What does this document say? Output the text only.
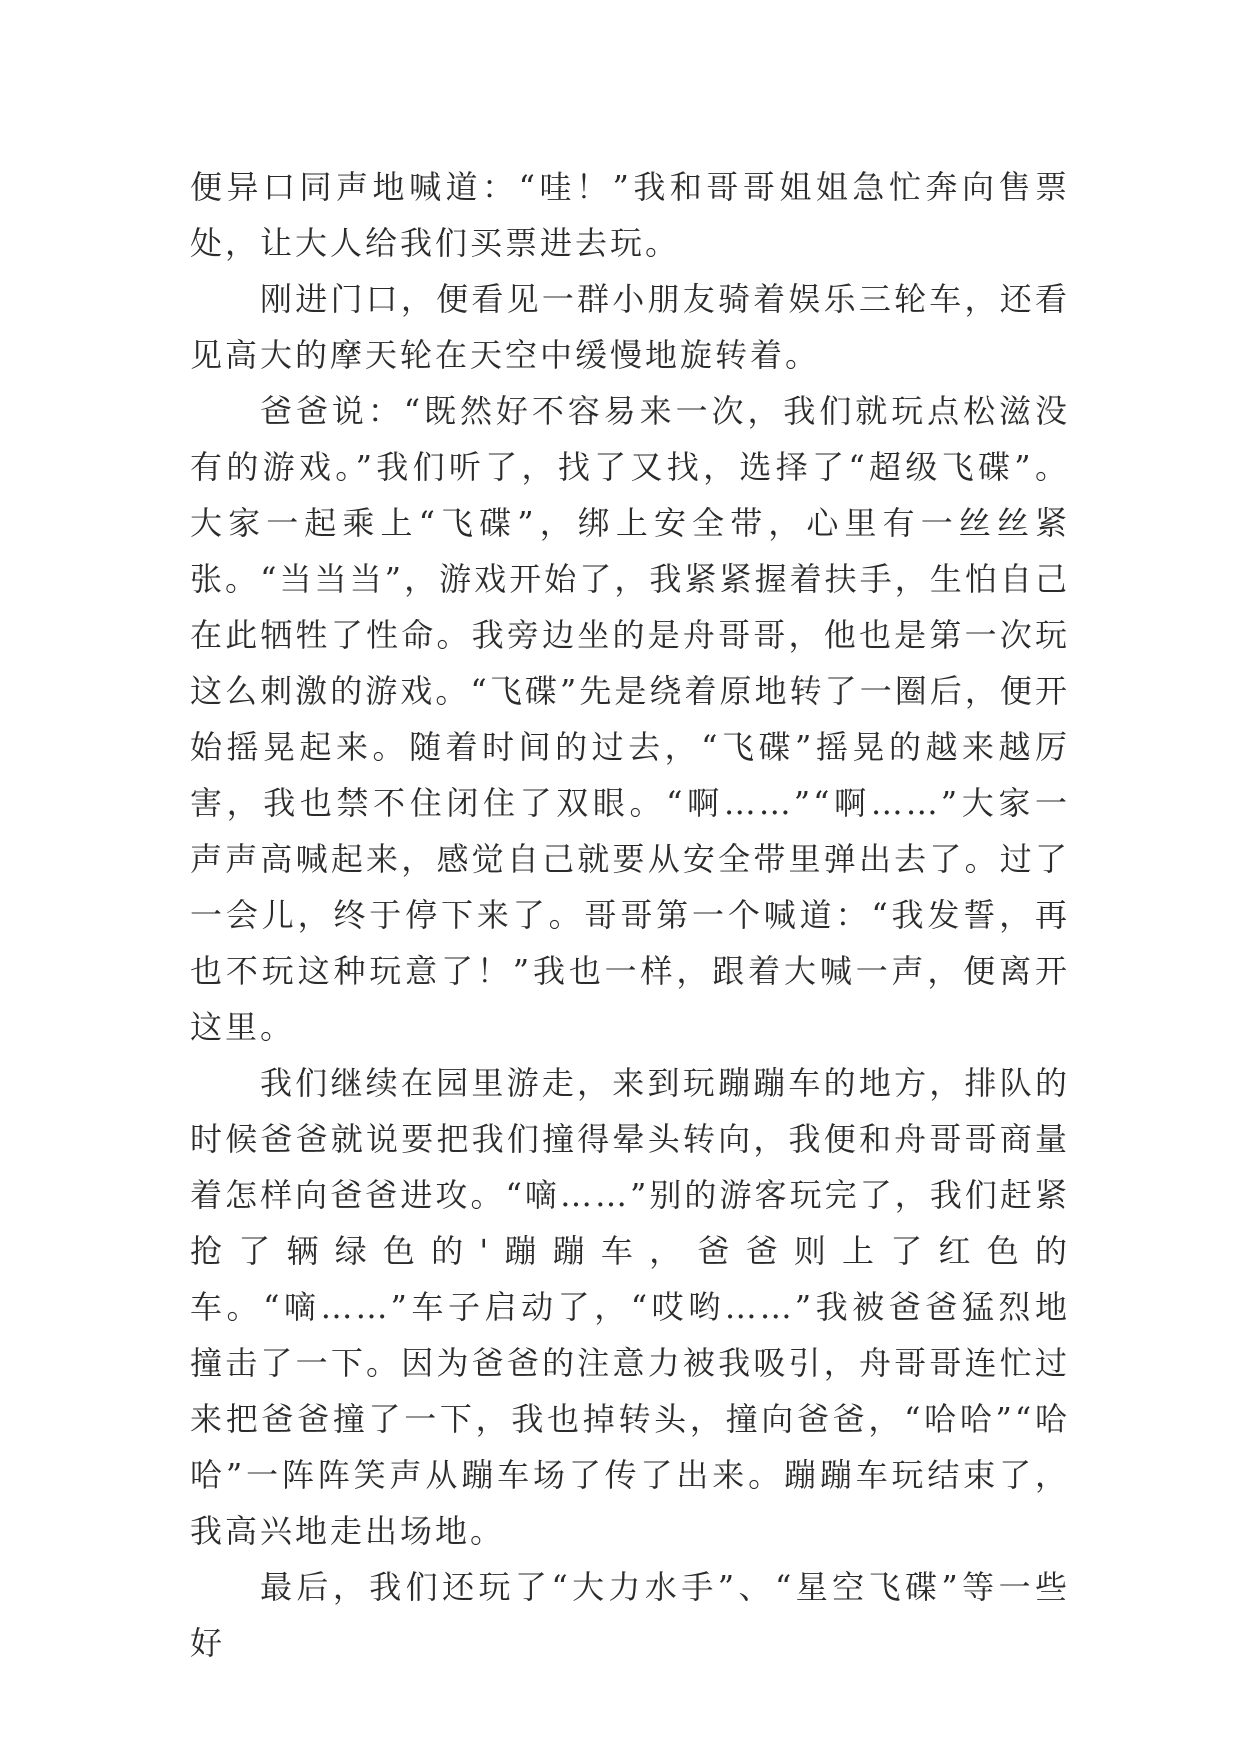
便异口同声地喊道：“哇！”我和哥哥姐姐急忙奔向售票处，让大人给我们买票进去玩。

刚进门口，便看见一群小朋友骑着娱乐三轮车，还看见高大的摩天轮在天空中缓慢地旋转着。

爸爸说：“既然好不容易来一次，我们就玩点松滋没有的游戏。”我们听了，找了又找，选择了“超级飞碟”。大家一起乘上“飞碟”，绑上安全带，心里有一丝丝紧张。“当当当”，游戏开始了，我紧紧握着扶手，生怕自己在此牺牲了性命。我旁边坐的是舟哥哥，他也是第一次玩这么刺激的游戏。“飞碟”先是绕着原地转了一圈后，便开始摇晃起来。随着时间的过去，“飞碟”摇晃的越来越厉害，我也禁不住闭住了双眼。“啊……”“啊……”大家一声声高喊起来，感觉自己就要从安全带里弹出去了。过了一会儿，终于停下来了。哥哥第一个喊道：“我发誓，再也不玩这种玩意了！”我也一样，跟着大喊一声，便离开这里。

我们继续在园里游走，来到玩蹦蹦车的地方，排队的时候爸爸就说要把我们撞得晕头转向，我便和舟哥哥商量着怎样向爸爸进攻。“嘀……”别的游客玩完了，我们赶紧抢了辆绿色的'蹦蹦车，爸爸则上了红色的车。“嘀……”车子启动了，“哎哟……”我被爸爸猛烈地撞击了一下。因为爸爸的注意力被我吸引，舟哥哥连忙过来把爸爸撞了一下，我也掉转头，撞向爸爸，“哈哈”“哈哈”一阵阵笑声从蹦车场了传了出来。蹦蹦车玩结束了，我高兴地走出场地。

最后，我们还玩了“大力水手”、“星空飞碟”等一些好
